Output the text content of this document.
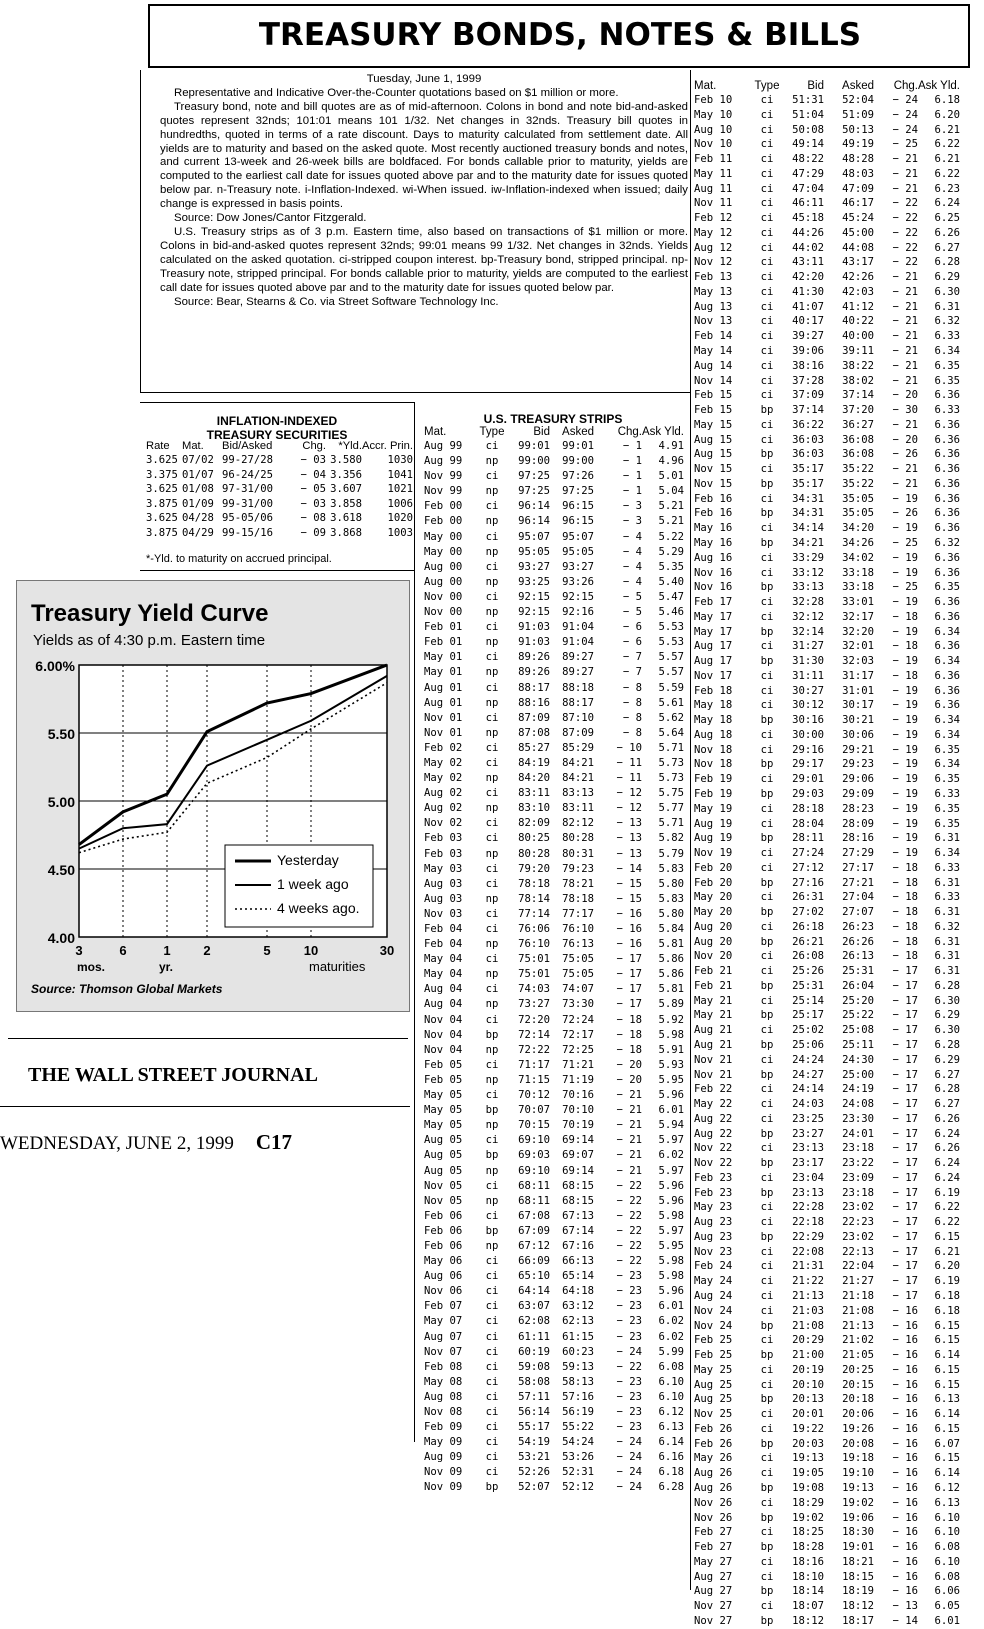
TREASURY BONDS, NOTES & BILLS

Tuesday, June 1, 1999

Representative and Indicative Over-the-Counter quotations based on $1 million or more.

Treasury bond, note and bill quotes are as of mid-afternoon. Colons in bond and note bid-and-asked quotes represent 32nds; 101:01 means 101 1/32. Net changes in 32nds. Treasury bill quotes in hundredths, quoted in terms of a rate discount. Days to maturity calculated from settlement date. All yields are to maturity and based on the asked quote. Most recently auctioned treasury bonds and notes, and current 13-week and 26-week bills are boldfaced. For bonds callable prior to maturity, yields are computed to the earliest call date for issues quoted above par and to the maturity date for issues quoted below par. n-Treasury note. i-Inflation-Indexed. wi-When issued. iw-Inflation-indexed when issued; daily change is expressed in basis points.

Source: Dow Jones/Cantor Fitzgerald.

U.S. Treasury strips as of 3 p.m. Eastern time, also based on transactions of $1 million or more. Colons in bid-and-asked quotes represent 32nds; 99:01 means 99 1/32. Net changes in 32nds. Yields calculated on the asked quotation. ci-stripped coupon interest. bp-Treasury bond, stripped principal. np-Treasury note, stripped principal. For bonds callable prior to maturity, yields are computed to the earliest call date for issues quoted above par and to the maturity date for issues quoted below par.

Source: Bear, Stearns & Co. via Street Software Technology Inc.

INFLATION-INDEXED
TREASURY SECURITIES
Rate	Mat.	Bid/Asked	Chg.	*Yld.	Accr. Prin.
3.625	07/02	99-27/28	− 03	3.580	1030
3.375	01/07	96-24/25	− 04	3.356	1041
3.625	01/08	97-31/00	− 05	3.607	1021
3.875	01/09	99-31/00	− 03	3.858	1006
3.625	04/28	95-05/06	− 08	3.618	1020
3.875	04/29	99-15/16	− 09	3.868	1003
*-Yld. to maturity on accrued principal.
U.S. TREASURY STRIPS
Mat.	Type	Bid	Asked	Chg.	Ask Yld.
Aug 99	ci	99:01	99:01	− 1	4.91
Aug 99	np	99:00	99:00	− 1	4.96
Nov 99	ci	97:25	97:26	− 1	5.01
Nov 99	np	97:25	97:25	− 1	5.04
Feb 00	ci	96:14	96:15	− 3	5.21
Feb 00	np	96:14	96:15	− 3	5.21
May 00	ci	95:07	95:07	− 4	5.22
May 00	np	95:05	95:05	− 4	5.29
Aug 00	ci	93:27	93:27	− 4	5.35
Aug 00	np	93:25	93:26	− 4	5.40
Nov 00	ci	92:15	92:15	− 5	5.47
Nov 00	np	92:15	92:16	− 5	5.46
Feb 01	ci	91:03	91:04	− 6	5.53
Feb 01	np	91:03	91:04	− 6	5.53
May 01	ci	89:26	89:27	− 7	5.57
May 01	np	89:26	89:27	− 7	5.57
Aug 01	ci	88:17	88:18	− 8	5.59
Aug 01	np	88:16	88:17	− 8	5.61
Nov 01	ci	87:09	87:10	− 8	5.62
Nov 01	np	87:08	87:09	− 8	5.64
Feb 02	ci	85:27	85:29	− 10	5.71
May 02	ci	84:19	84:21	− 11	5.73
May 02	np	84:20	84:21	− 11	5.73
Aug 02	ci	83:11	83:13	− 12	5.75
Aug 02	np	83:10	83:11	− 12	5.77
Nov 02	ci	82:09	82:12	− 13	5.71
Feb 03	ci	80:25	80:28	− 13	5.82
Feb 03	np	80:28	80:31	− 13	5.79
May 03	ci	79:20	79:23	− 14	5.83
Aug 03	ci	78:18	78:21	− 15	5.80
Aug 03	np	78:14	78:18	− 15	5.83
Nov 03	ci	77:14	77:17	− 16	5.80
Feb 04	ci	76:06	76:10	− 16	5.84
Feb 04	np	76:10	76:13	− 16	5.81
May 04	ci	75:01	75:05	− 17	5.86
May 04	np	75:01	75:05	− 17	5.86
Aug 04	ci	74:03	74:07	− 17	5.81
Aug 04	np	73:27	73:30	− 17	5.89
Nov 04	ci	72:20	72:24	− 18	5.92
Nov 04	bp	72:14	72:17	− 18	5.98
Nov 04	np	72:22	72:25	− 18	5.91
Feb 05	ci	71:17	71:21	− 20	5.93
Feb 05	np	71:15	71:19	− 20	5.95
May 05	ci	70:12	70:16	− 21	5.96
May 05	bp	70:07	70:10	− 21	6.01
May 05	np	70:15	70:19	− 21	5.94
Aug 05	ci	69:10	69:14	− 21	5.97
Aug 05	bp	69:03	69:07	− 21	6.02
Aug 05	np	69:10	69:14	− 21	5.97
Nov 05	ci	68:11	68:15	− 22	5.96
Nov 05	np	68:11	68:15	− 22	5.96
Feb 06	ci	67:08	67:13	− 22	5.98
Feb 06	bp	67:09	67:14	− 22	5.97
Feb 06	np	67:12	67:16	− 22	5.95
May 06	ci	66:09	66:13	− 22	5.98
Aug 06	ci	65:10	65:14	− 23	5.98
Nov 06	ci	64:14	64:18	− 23	5.96
Feb 07	ci	63:07	63:12	− 23	6.01
May 07	ci	62:08	62:13	− 23	6.02
Aug 07	ci	61:11	61:15	− 23	6.02
Nov 07	ci	60:19	60:23	− 24	5.99
Feb 08	ci	59:08	59:13	− 22	6.08
May 08	ci	58:08	58:13	− 23	6.10
Aug 08	ci	57:11	57:16	− 23	6.10
Nov 08	ci	56:14	56:19	− 23	6.12
Feb 09	ci	55:17	55:22	− 23	6.13
May 09	ci	54:19	54:24	− 24	6.14
Aug 09	ci	53:21	53:26	− 24	6.16
Nov 09	ci	52:26	52:31	− 24	6.18
Nov 09	bp	52:07	52:12	− 24	6.28
Mat.	Type	Bid	Asked	Chg.	Ask Yld.
Feb 10	ci	51:31	52:04	− 24	6.18
May 10	ci	51:04	51:09	− 24	6.20
Aug 10	ci	50:08	50:13	− 24	6.21
Nov 10	ci	49:14	49:19	− 25	6.22
Feb 11	ci	48:22	48:28	− 21	6.21
May 11	ci	47:29	48:03	− 21	6.22
Aug 11	ci	47:04	47:09	− 21	6.23
Nov 11	ci	46:11	46:17	− 22	6.24
Feb 12	ci	45:18	45:24	− 22	6.25
May 12	ci	44:26	45:00	− 22	6.26
Aug 12	ci	44:02	44:08	− 22	6.27
Nov 12	ci	43:11	43:17	− 22	6.28
Feb 13	ci	42:20	42:26	− 21	6.29
May 13	ci	41:30	42:03	− 21	6.30
Aug 13	ci	41:07	41:12	− 21	6.31
Nov 13	ci	40:17	40:22	− 21	6.32
Feb 14	ci	39:27	40:00	− 21	6.33
May 14	ci	39:06	39:11	− 21	6.34
Aug 14	ci	38:16	38:22	− 21	6.35
Nov 14	ci	37:28	38:02	− 21	6.35
Feb 15	ci	37:09	37:14	− 20	6.36
Feb 15	bp	37:14	37:20	− 30	6.33
May 15	ci	36:22	36:27	− 21	6.36
Aug 15	ci	36:03	36:08	− 20	6.36
Aug 15	bp	36:03	36:08	− 26	6.36
Nov 15	ci	35:17	35:22	− 21	6.36
Nov 15	bp	35:17	35:22	− 21	6.36
Feb 16	ci	34:31	35:05	− 19	6.36
Feb 16	bp	34:31	35:05	− 26	6.36
May 16	ci	34:14	34:20	− 19	6.36
May 16	bp	34:21	34:26	− 25	6.32
Aug 16	ci	33:29	34:02	− 19	6.36
Nov 16	ci	33:12	33:18	− 19	6.36
Nov 16	bp	33:13	33:18	− 25	6.35
Feb 17	ci	32:28	33:01	− 19	6.36
May 17	ci	32:12	32:17	− 18	6.36
May 17	bp	32:14	32:20	− 19	6.34
Aug 17	ci	31:27	32:01	− 18	6.36
Aug 17	bp	31:30	32:03	− 19	6.34
Nov 17	ci	31:11	31:17	− 18	6.36
Feb 18	ci	30:27	31:01	− 19	6.36
May 18	ci	30:12	30:17	− 19	6.36
May 18	bp	30:16	30:21	− 19	6.34
Aug 18	ci	30:00	30:06	− 19	6.34
Nov 18	ci	29:16	29:21	− 19	6.35
Nov 18	bp	29:17	29:23	− 19	6.34
Feb 19	ci	29:01	29:06	− 19	6.35
Feb 19	bp	29:03	29:09	− 19	6.33
May 19	ci	28:18	28:23	− 19	6.35
Aug 19	ci	28:04	28:09	− 19	6.35
Aug 19	bp	28:11	28:16	− 19	6.31
Nov 19	ci	27:24	27:29	− 19	6.34
Feb 20	ci	27:12	27:17	− 18	6.33
Feb 20	bp	27:16	27:21	− 18	6.31
May 20	ci	26:31	27:04	− 18	6.33
May 20	bp	27:02	27:07	− 18	6.31
Aug 20	ci	26:18	26:23	− 18	6.32
Aug 20	bp	26:21	26:26	− 18	6.31
Nov 20	ci	26:08	26:13	− 18	6.31
Feb 21	ci	25:26	25:31	− 17	6.31
Feb 21	bp	25:31	26:04	− 17	6.28
May 21	ci	25:14	25:20	− 17	6.30
May 21	bp	25:17	25:22	− 17	6.29
Aug 21	ci	25:02	25:08	− 17	6.30
Aug 21	bp	25:06	25:11	− 17	6.28
Nov 21	ci	24:24	24:30	− 17	6.29
Nov 21	bp	24:27	25:00	− 17	6.27
Feb 22	ci	24:14	24:19	− 17	6.28
May 22	ci	24:03	24:08	− 17	6.27
Aug 22	ci	23:25	23:30	− 17	6.26
Aug 22	bp	23:27	24:01	− 17	6.24
Nov 22	ci	23:13	23:18	− 17	6.26
Nov 22	bp	23:17	23:22	− 17	6.24
Feb 23	ci	23:04	23:09	− 17	6.24
Feb 23	bp	23:13	23:18	− 17	6.19
May 23	ci	22:28	23:02	− 17	6.22
Aug 23	ci	22:18	22:23	− 17	6.22
Aug 23	bp	22:29	23:02	− 17	6.15
Nov 23	ci	22:08	22:13	− 17	6.21
Feb 24	ci	21:31	22:04	− 17	6.20
May 24	ci	21:22	21:27	− 17	6.19
Aug 24	ci	21:13	21:18	− 17	6.18
Nov 24	ci	21:03	21:08	− 16	6.18
Nov 24	bp	21:08	21:13	− 16	6.15
Feb 25	ci	20:29	21:02	− 16	6.15
Feb 25	bp	21:00	21:05	− 16	6.14
May 25	ci	20:19	20:25	− 16	6.15
Aug 25	ci	20:10	20:15	− 16	6.15
Aug 25	bp	20:13	20:18	− 16	6.13
Nov 25	ci	20:01	20:06	− 16	6.14
Feb 26	ci	19:22	19:26	− 16	6.15
Feb 26	bp	20:03	20:08	− 16	6.07
May 26	ci	19:13	19:18	− 16	6.15
Aug 26	ci	19:05	19:10	− 16	6.14
Aug 26	bp	19:08	19:13	− 16	6.12
Nov 26	ci	18:29	19:02	− 16	6.13
Nov 26	bp	19:02	19:06	− 16	6.10
Feb 27	ci	18:25	18:30	− 16	6.10
Feb 27	bp	18:28	19:01	− 16	6.08
May 27	ci	18:16	18:21	− 16	6.10
Aug 27	ci	18:10	18:15	− 16	6.08
Aug 27	bp	18:14	18:19	− 16	6.06
Nov 27	ci	18:07	18:12	− 13	6.05
Nov 27	bp	18:12	18:17	− 14	6.01
Treasury Yield Curve
Yields as of 4:30 p.m. Eastern time
6.00%
5.50
5.00
4.50
4.00
3	6	1	2	5	10	30
mos.	yr.	maturities
Yesterday
1 week ago
4 weeks ago.
Source: Thomson Global Markets
THE WALL STREET JOURNAL
WEDNESDAY, JUNE 2, 1999 C17
